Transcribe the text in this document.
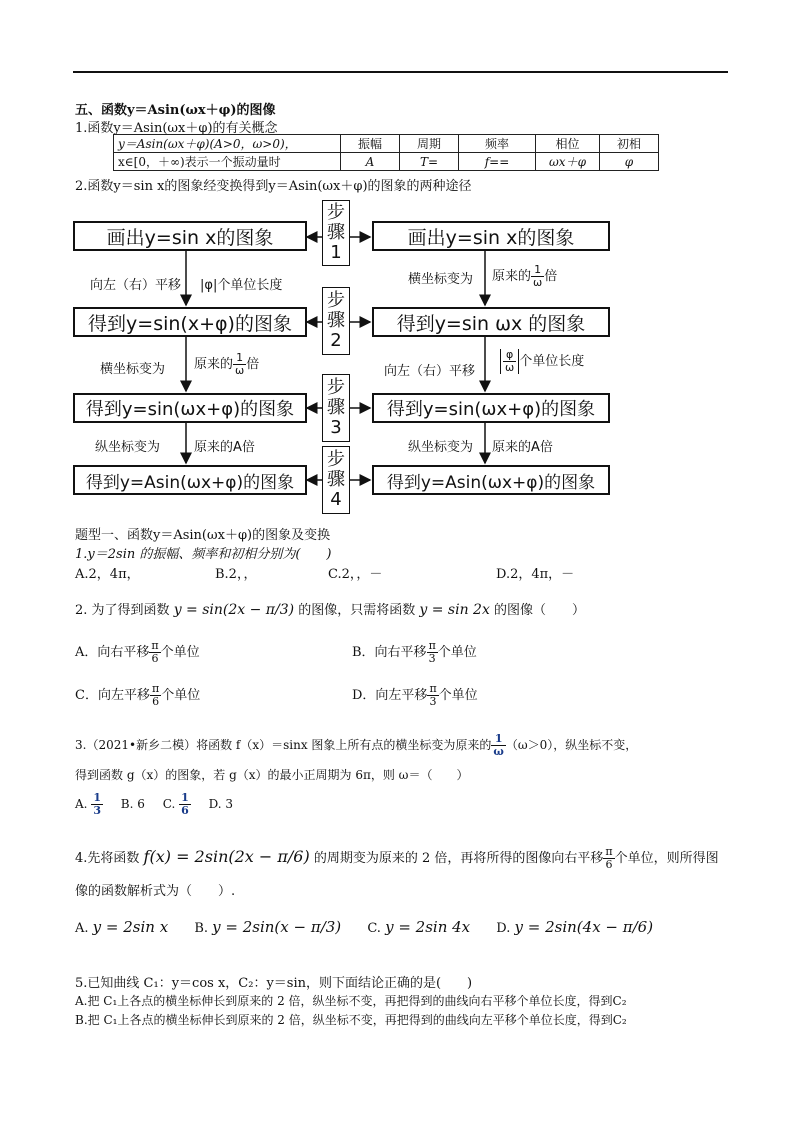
五、函数y＝Asin(ωx＋φ)的图像
1.函数y＝Asin(ωx＋φ)的有关概念
y＝Asin(ωx＋φ)(A>0，ω>0)，	振幅	周期	频率	相位	初相
x∈[0，＋∞)表示一个振动量时	A	T=	f==	ωx＋φ	φ
2.函数y＝sin x的图象经变换得到y＝Asin(ωx＋φ)的图象的两种途径
画出y=sin x的图象
得到y=sin(x+φ)的图象
得到y=sin(ωx+φ)的图象
得到y=Asin(ωx+φ)的图象
画出y=sin x的图象
得到y=sin ωx 的图象
得到y=sin(ωx+φ)的图象
得到y=Asin(ωx+φ)的图象
步
骤
1
步
骤
2
步
骤
3
步
骤
4
向左（右）平移 |φ|个单位长度
横坐标变为 原来的 $\frac{1}{\omega}$ 倍
纵坐标变为	原来的A倍
横坐标变为 原来的 $\frac{1}{\omega}$ 倍
向左（右）平移	$\frac{\varphi}{\omega}$ 个单位长度
纵坐标变为 原来的A倍
题型一、函数y＝Asin(ωx＋φ)的图象及变换
1.y＝2sin 的振幅、频率和初相分别为(　　)
A.2，4π，	B.2，，	C.2，，－	D.2，4π，－
2. 为了得到函数 y = sin(2x − π/3) 的图像，只需将函数 y = sin 2x 的图像（　　）
A．向右平移 $\frac{\pi}{6}$ 个单位	B．向右平移 $\frac{\pi}{3}$ 个单位
C．向左平移 $\frac{\pi}{6}$ 个单位	D．向左平移 $\frac{\pi}{3}$ 个单位
3.（2021•新乡二模）将函数 f（x）＝sinx 图象上所有点的横坐标变为原来的 $\frac{1}{\omega} (\omega>0)$，纵坐标不变，
得到函数 g（x）的图象，若 g（x）的最小正周期为 6π，则 ω＝（　　）
A. $\frac{1}{3} B$. 6 C. $\frac{1}{6} D$. 3
4.先将函数 f(x) = 2sin(2x − π/6) 的周期变为原来的 2 倍，再将所得的图像向右平移 $\frac{\pi}{6}$ 个单位，则所得图
像的函数解析式为（　　）.
A. y = 2sin x B. y = 2sin(x − π/3) C. y = 2sin 4x D. y = 2sin(4x − π/6)
5.已知曲线 C₁：y＝cos x，C₂：y＝sin，则下面结论正确的是(　　)
A.把 C₁上各点的横坐标伸长到原来的 2 倍，纵坐标不变，再把得到的曲线向右平移个单位长度，得到C₂
B.把 C₁上各点的横坐标伸长到原来的 2 倍，纵坐标不变，再把得到的曲线向左平移个单位长度，得到C₂
